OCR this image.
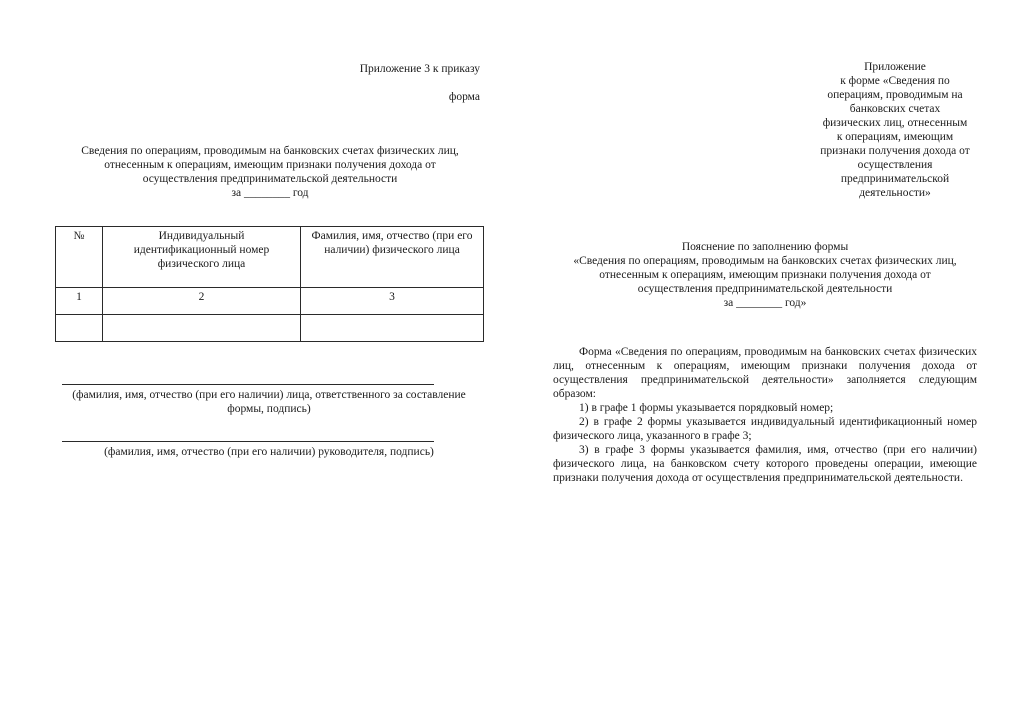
Приложение 3 к приказу
форма
Сведения по операциям, проводимым на банковских счетах физических лиц,
отнесенным к операциям, имеющим признаки получения дохода от
осуществления предпринимательской деятельности
за ________ год
№	Индивидуальный идентификационный номер физического лица	Фамилия, имя, отчество (при его наличии) физического лица
1	2	3

(фамилия, имя, отчество (при его наличии) лица, ответственного за составление формы, подпись)
(фамилия, имя, отчество (при его наличии) руководителя, подпись)
Приложение
к форме «Сведения по
операциям, проводимым на
банковских счетах
физических лиц, отнесенным
к операциям, имеющим
признаки получения дохода от
осуществления
предпринимательской
деятельности»
Пояснение по заполнению формы
«Сведения по операциям, проводимым на банковских счетах физических лиц,
отнесенным к операциям, имеющим признаки получения дохода от
осуществления предпринимательской деятельности
за ________ год»

Форма «Сведения по операциям, проводимым на банковских счетах физических лиц, отнесенным к операциям, имеющим признаки получения дохода от осуществления предпринимательской деятельности» заполняется следующим образом:

1) в графе 1 формы указывается порядковый номер;

2) в графе 2 формы указывается индивидуальный идентификационный номер физического лица, указанного в графе 3;

3) в графе 3 формы указывается фамилия, имя, отчество (при его наличии) физического лица, на банковском счету которого проведены операции, имеющие признаки получения дохода от осуществления предпринимательской деятельности.
